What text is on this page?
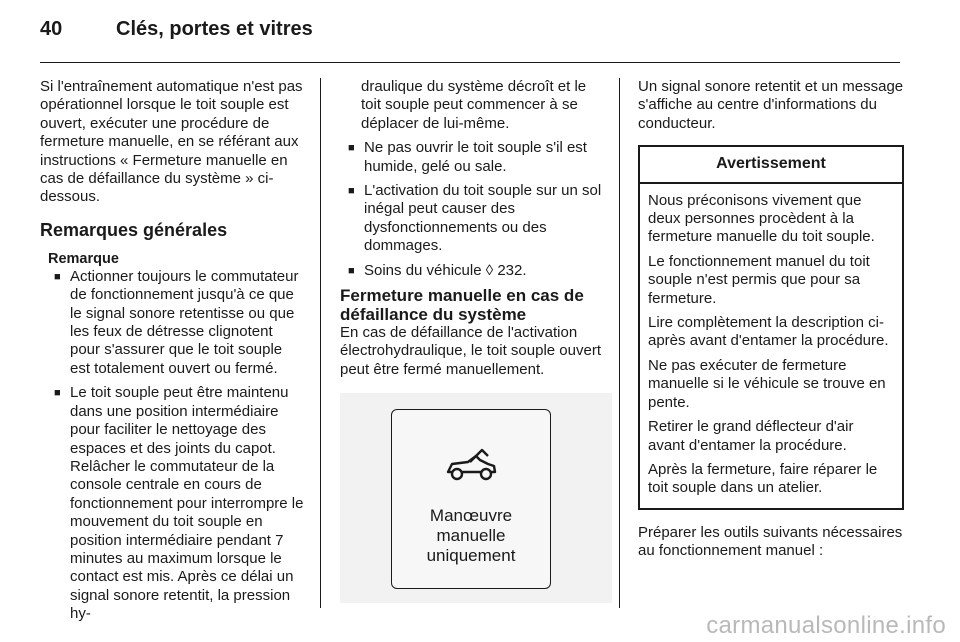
40	Clés, portes et vitres

Si l'entraînement automatique n'est pas opérationnel lorsque le toit souple est ouvert, exécuter une procédure de fermeture manuelle, en se référant aux instructions « Fermeture manuelle en cas de défaillance du système » ci-dessous.

Remarques générales
Remarque
■ Actionner toujours le commutateur de fonctionnement jusqu'à ce que le signal sonore retentisse ou que les feux de détresse clignotent pour s'assurer que le toit souple est totalement ouvert ou fermé.
■ Le toit souple peut être maintenu dans une position intermédiaire pour faciliter le nettoyage des espaces et des joints du capot. Relâcher le commutateur de la console centrale en cours de fonctionnement pour interrompre le mouvement du toit souple en position intermédiaire pendant 7 minutes au maximum lorsque le contact est mis. Après ce délai un signal sonore retentit, la pression hy-

draulique du système décroît et le toit souple peut commencer à se déplacer de lui-même.

■ Ne pas ouvrir le toit souple s'il est humide, gelé ou sale.
■ L'activation du toit souple sur un sol inégal peut causer des dysfonctionnements ou des dommages.
■ Soins du véhicule ◊ 232.
Fermeture manuelle en cas de défaillance du système

En cas de défaillance de l'activation électrohydraulique, le toit souple ouvert peut être fermé manuellement.

Manœuvre
manuelle
uniquement

Un signal sonore retentit et un message s'affiche au centre d'informations du conducteur.

Avertissement

Nous préconisons vivement que deux personnes procèdent à la fermeture manuelle du toit souple.

Le fonctionnement manuel du toit souple n'est permis que pour sa fermeture.

Lire complètement la description ci-après avant d'entamer la procédure.

Ne pas exécuter de fermeture manuelle si le véhicule se trouve en pente.

Retirer le grand déflecteur d'air avant d'entamer la procédure.

Après la fermeture, faire réparer le toit souple dans un atelier.

Préparer les outils suivants nécessaires au fonctionnement manuel :

carmanualsonline.info
